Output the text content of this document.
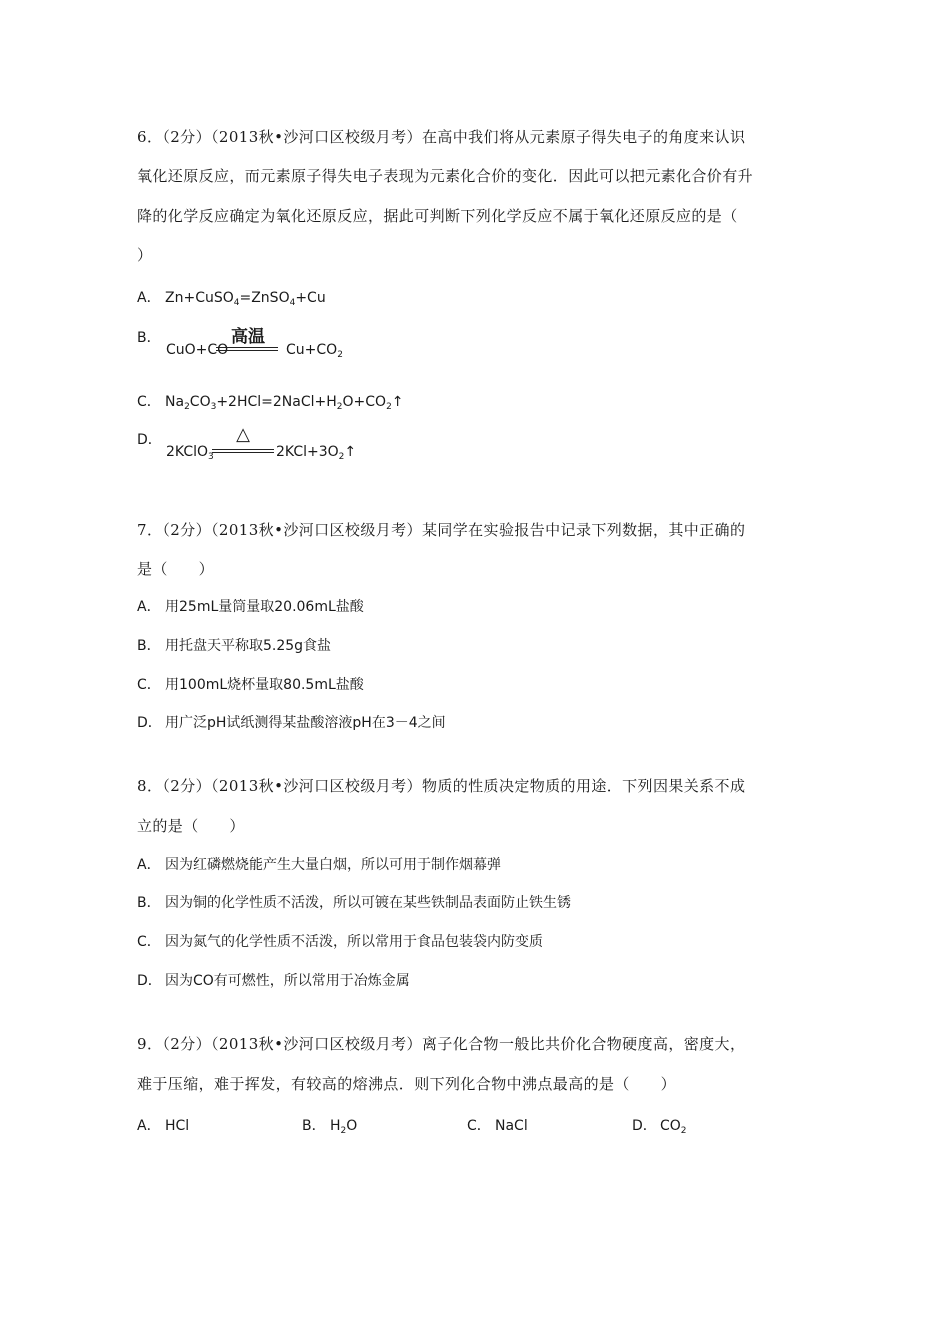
6．（2分）（2013秋•沙河口区校级月考）在高中我们将从元素原子得失电子的角度来认识
氧化还原反应，而元素原子得失电子表现为元素化合价的变化．因此可以把元素化合价有升
降的化学反应确定为氧化还原反应，据此可判断下列化学反应不属于氧化还原反应的是（
）
A． Zn+CuSO$_4$=ZnSO$_4$+Cu
B．
CuO+CO
高温
$Cu+CO_2$
C． $Na_2CO_3+2HCl=2NaCl+H_2O+CO_2↑$
D．
2KClO$_3$
△
$2KCl+3O_2↑$
7．（2分）（2013秋•沙河口区校级月考）某同学在实验报告中记录下列数据，其中正确的
是（　　）
A． 用25mL量筒量取20.06mL盐酸
B． 用托盘天平称取5.25g食盐
C． 用100mL烧杯量取80.5mL盐酸
D． 用广泛pH试纸测得某盐酸溶液pH在3－4之间
8．（2分）（2013秋•沙河口区校级月考）物质的性质决定物质的用途．下列因果关系不成
立的是（　　）
A． 因为红磷燃烧能产生大量白烟，所以可用于制作烟幕弹
B． 因为铜的化学性质不活泼，所以可镀在某些铁制品表面防止铁生锈
C． 因为氮气的化学性质不活泼，所以常用于食品包装袋内防变质
D． 因为CO有可燃性，所以常用于冶炼金属
9．（2分）（2013秋•沙河口区校级月考）离子化合物一般比共价化合物硬度高，密度大，
难于压缩，难于挥发，有较高的熔沸点．则下列化合物中沸点最高的是（　　）
A． HCl	B． $H_2O$	C． NaCl	D． $CO_2$
